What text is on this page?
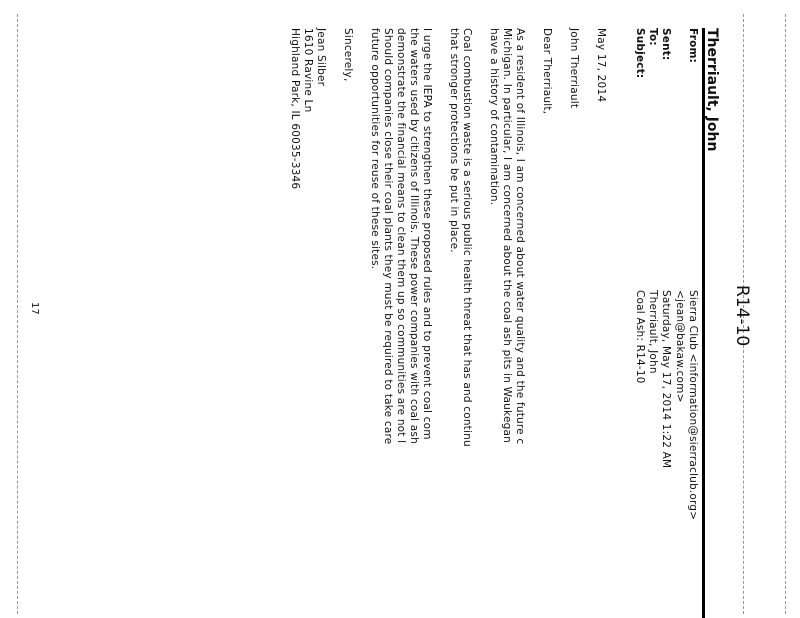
R14-10
Therriault, John
From:
Sierra Club <information@sierraclub.org>
<jean@bakaw.com>
Sent:
Saturday, May 17, 2014 1:22 AM
To:
Therriault, John
Subject:
Coal Ash: R14-10
May 17, 2014
John Therriault
Dear Therriault,
As a resident of Illinois, I am concerned about water quality and the future c
Michigan. In particular, I am concerned about the coal ash pits in Waukegan
have a history of contamination.
Coal combustion waste is a serious public health threat that has and continu
that stronger protections be put in place.
I urge the IEPA to strengthen these proposed rules and to prevent coal com
the waters used by citizens of Illinois. These power companies with coal ash
demonstrate the financial means to clean them up so communities are not l
Should companies close their coal plants they must be required to take care
future opportunities for reuse of these sites.
Sincerely,
Jean Silber
1610 Ravine Ln
Highland Park, IL 60035-3346
17
